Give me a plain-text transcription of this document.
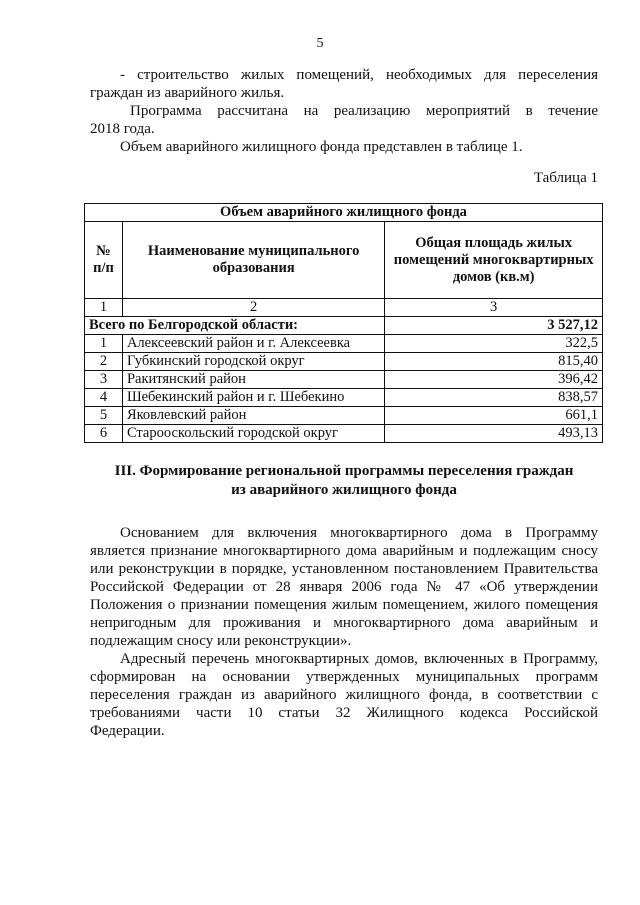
5
- строительство жилых помещений, необходимых для переселения
граждан из аварийного жилья.
Программа рассчитана на реализацию мероприятий в течение
2018 года.
Объем аварийного жилищного фонда представлен в таблице 1.
Таблица 1
Объем аварийного жилищного фонда		
№ п/п	Наименование муниципального образования	Общая площадь жилых помещений многоквартирных домов (кв.м)
1	2	3
Всего по Белгородской области:		3 527,12
1	Алексеевский район и г. Алексеевка	322,5
2	Губкинский городской округ	815,40
3	Ракитянский район	396,42
4	Шебекинский район и г. Шебекино	838,57
5	Яковлевский район	661,1
6	Старооскольский городской округ	493,13
III. Формирование региональной программы переселения граждан
из аварийного жилищного фонда
Основанием для включения многоквартирного дома в Программу
является признание многоквартирного дома аварийным и подлежащим сносу
или реконструкции в порядке, установленном постановлением Правительства
Российской Федерации от 28 января 2006 года № 47 «Об утверждении
Положения о признании помещения жилым помещением, жилого помещения
непригодным для проживания и многоквартирного дома аварийным и
подлежащим сносу или реконструкции».
Адресный перечень многоквартирных домов, включенных в Программу,
сформирован на основании утвержденных муниципальных программ
переселения граждан из аварийного жилищного фонда, в соответствии с
требованиями части 10 статьи 32 Жилищного кодекса Российской
Федерации.
